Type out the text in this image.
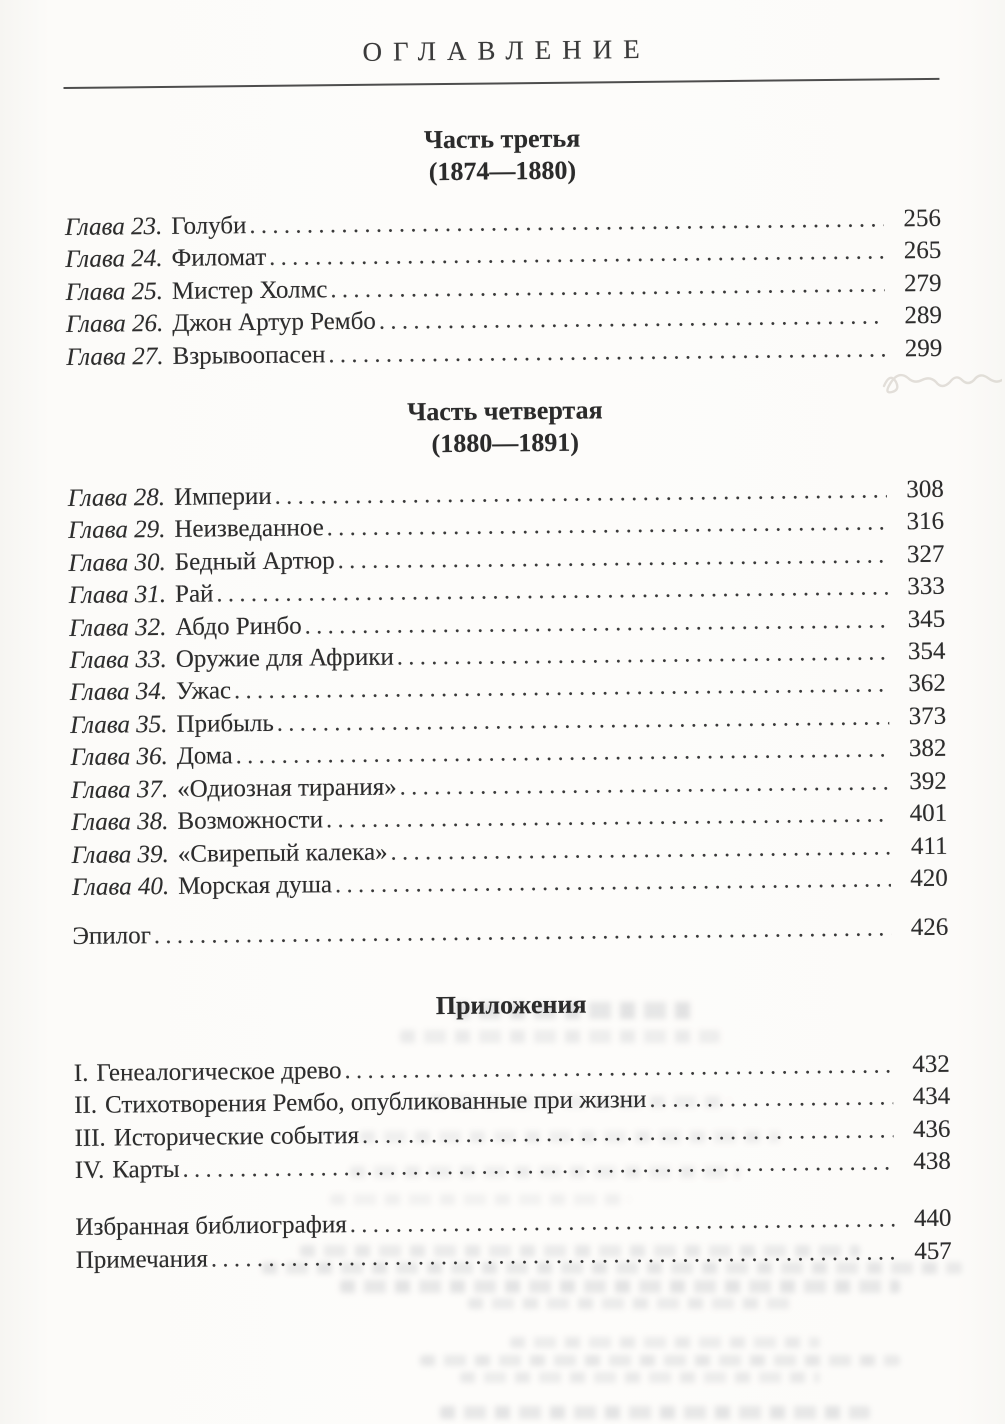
ОГЛАВЛЕНИЕ
Часть третья
(1874—1880)
Глава 23. Голуби .....	256
Глава 24. Филомат .....	265
Глава 25. Мистер Холмс .....	279
Глава 26. Джон Артур Рембо .....	289
Глава 27. Взрывоопасен .....	299
Часть четвертая
(1880—1891)
Глава 28. Империи .....	308
Глава 29. Неизведанное .....	316
Глава 30. Бедный Артюр .....	327
Глава 31. Рай .....	333
Глава 32. Абдо Ринбо .....	345
Глава 33. Оружие для Африки .....	354
Глава 34. Ужас .....	362
Глава 35. Прибыль .....	373
Глава 36. Дома .....	382
Глава 37. «Одиозная тирания» .....	392
Глава 38. Возможности .....	401
Глава 39. «Свирепый калека» .....	411
Глава 40. Морская душа .....	420
Эпилог .....	426
Приложения
I. Генеалогическое древо .....	432
II. Стихотворения Рембо, опубликованные при жизни .....	434
III. Исторические события .....	436
IV. Карты .....	438
Избранная библиография .....	440
Примечания .....	457
